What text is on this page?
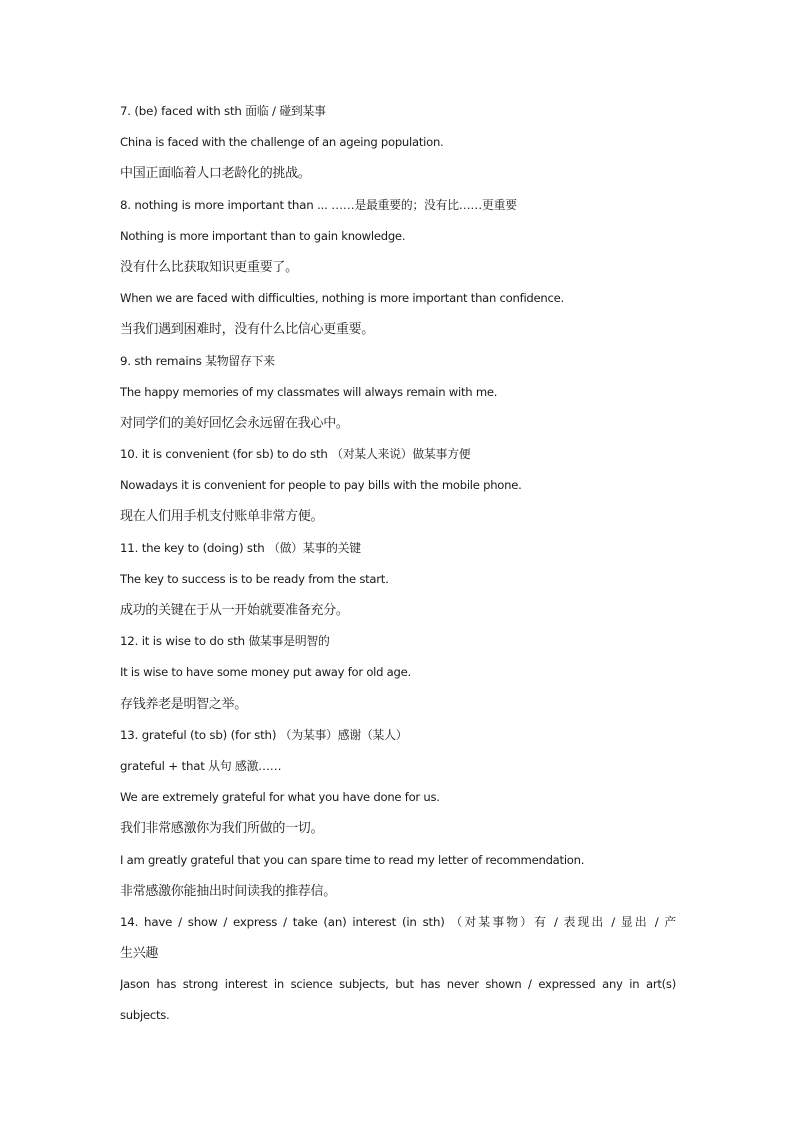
7. (be) faced with sth 面临 / 碰到某事
China is faced with the challenge of an ageing population.
中国正面临着人口老龄化的挑战。
8. nothing is more important than ... ……是最重要的；没有比……更重要
Nothing is more important than to gain knowledge.
没有什么比获取知识更重要了。
When we are faced with difficulties, nothing is more important than confidence.
当我们遇到困难时，没有什么比信心更重要。
9. sth remains 某物留存下来
The happy memories of my classmates will always remain with me.
对同学们的美好回忆会永远留在我心中。
10. it is convenient (for sb) to do sth （对某人来说）做某事方便
Nowadays it is convenient for people to pay bills with the mobile phone.
现在人们用手机支付账单非常方便。
11. the key to (doing) sth （做）某事的关键
The key to success is to be ready from the start.
成功的关键在于从一开始就要准备充分。
12. it is wise to do sth 做某事是明智的
It is wise to have some money put away for old age.
存钱养老是明智之举。
13. grateful (to sb) (for sth) （为某事）感谢（某人）
grateful + that 从句 感激……
We are extremely grateful for what you have done for us.
我们非常感激你为我们所做的一切。
I am greatly grateful that you can spare time to read my letter of recommendation.
非常感激你能抽出时间读我的推荐信。
14. have / show / express / take (an) interest (in sth) （对某事物）有 / 表现出 / 显出 / 产
生兴趣
Jason has strong interest in science subjects, but has never shown / expressed any in art(s)
subjects.
